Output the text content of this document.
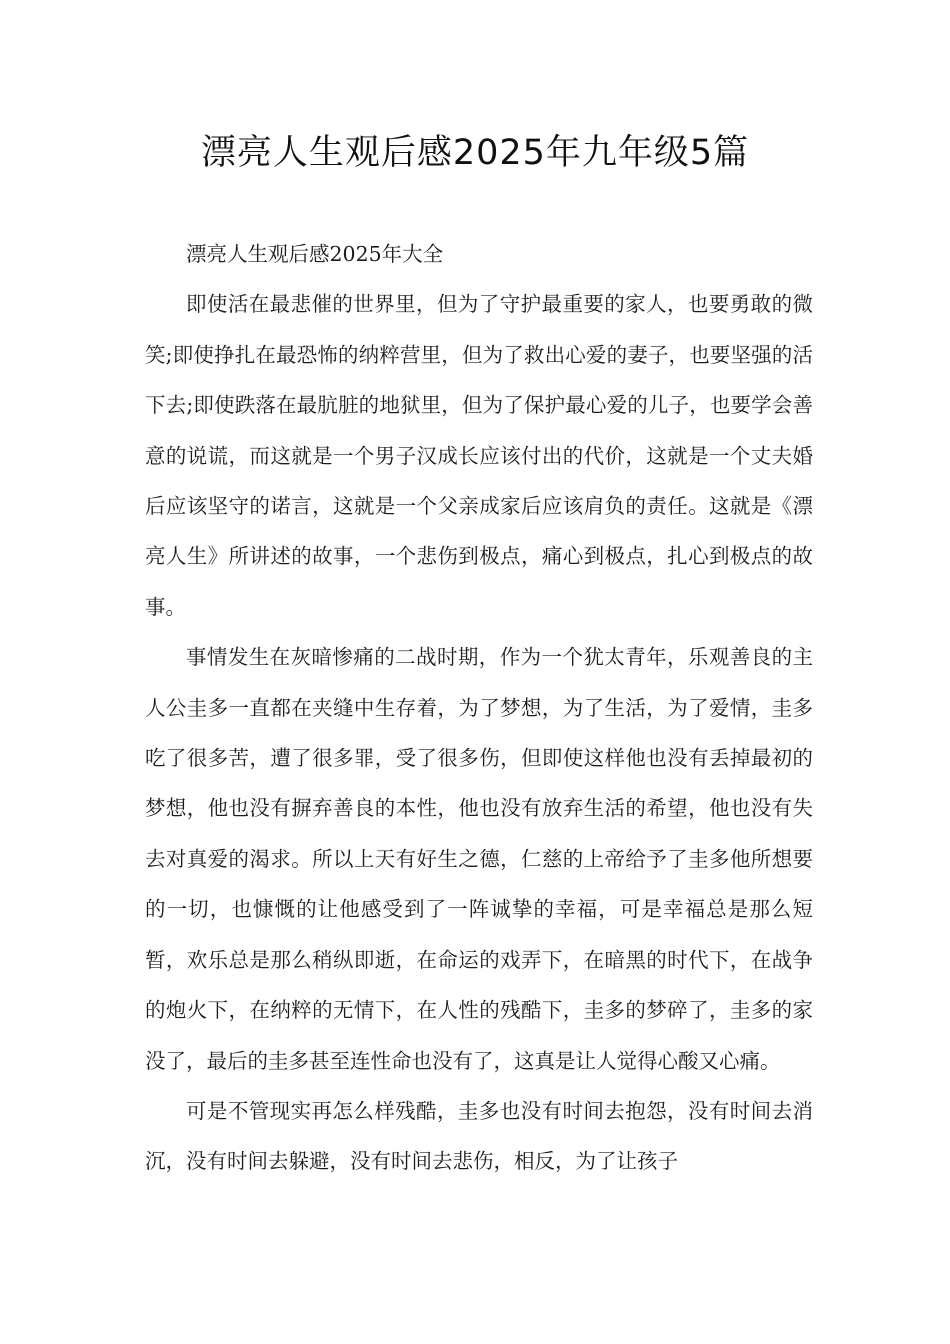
漂亮人生观后感2025年九年级5篇

漂亮人生观后感2025年大全

即使活在最悲催的世界里，但为了守护最重要的家人，也要勇敢的微笑;即使挣扎在最恐怖的纳粹营里，但为了救出心爱的妻子，也要坚强的活下去;即使跌落在最肮脏的地狱里，但为了保护最心爱的儿子，也要学会善意的说谎，而这就是一个男子汉成长应该付出的代价，这就是一个丈夫婚后应该坚守的诺言，这就是一个父亲成家后应该肩负的责任。这就是《漂亮人生》所讲述的故事，一个悲伤到极点，痛心到极点，扎心到极点的故事。

事情发生在灰暗惨痛的二战时期，作为一个犹太青年，乐观善良的主人公圭多一直都在夹缝中生存着，为了梦想，为了生活，为了爱情，圭多吃了很多苦，遭了很多罪，受了很多伤，但即使这样他也没有丢掉最初的梦想，他也没有摒弃善良的本性，他也没有放弃生活的希望，他也没有失去对真爱的渴求。所以上天有好生之德，仁慈的上帝给予了圭多他所想要的一切，也慷慨的让他感受到了一阵诚挚的幸福，可是幸福总是那么短暂，欢乐总是那么稍纵即逝，在命运的戏弄下，在暗黑的时代下，在战争的炮火下，在纳粹的无情下，在人性的残酷下，圭多的梦碎了，圭多的家没了，最后的圭多甚至连性命也没有了，这真是让人觉得心酸又心痛。

可是不管现实再怎么样残酷，圭多也没有时间去抱怨，没有时间去消沉，没有时间去躲避，没有时间去悲伤，相反，为了让孩子
